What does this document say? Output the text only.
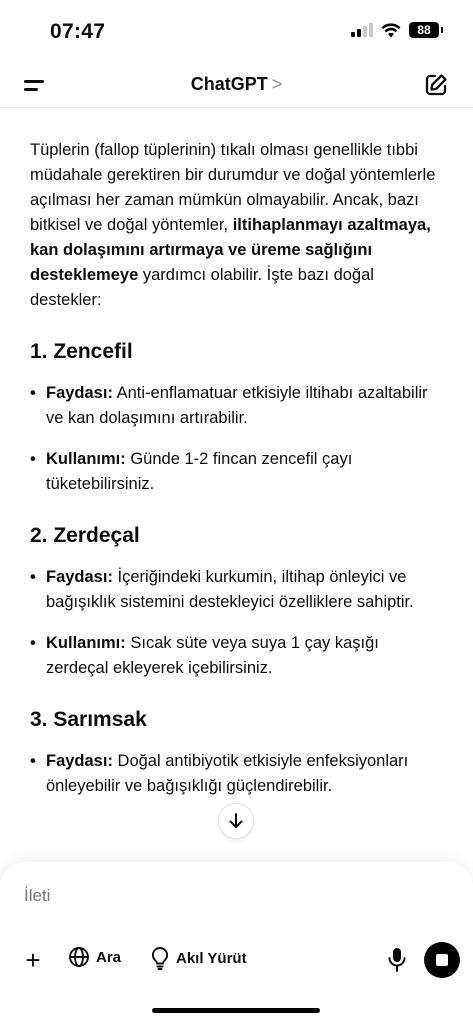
07:47	88
ChatGPT >

Tüplerin (fallop tüplerinin) tıkalı olması genellikle tıbbi müdahale gerektiren bir durumdur ve doğal yöntemlerle açılması her zaman mümkün olmayabilir. Ancak, bazı bitkisel ve doğal yöntemler, iltihaplanmayı azaltmaya, kan dolaşımını artırmaya ve üreme sağlığını desteklemeye yardımcı olabilir. İşte bazı doğal destekler:

1. Zencefil
• Faydası: Anti-enflamatuar etkisiyle iltihabı azaltabilir ve kan dolaşımını artırabilir.
• Kullanımı: Günde 1-2 fincan zencefil çayı tüketebilirsiniz.
2. Zerdeçal
• Faydası: İçeriğindeki kurkumin, iltihap önleyici ve bağışıklık sistemini destekleyici özelliklere sahiptir.
• Kullanımı: Sıcak süte veya suya 1 çay kaşığı zerdeçal ekleyerek içebilirsiniz.
3. Sarımsak
• Faydası: Doğal antibiyotik etkisiyle enfeksiyonları önleyebilir ve bağışıklığı güçlendirebilir.
İleti
+	Ara	Akıl Yürüt
